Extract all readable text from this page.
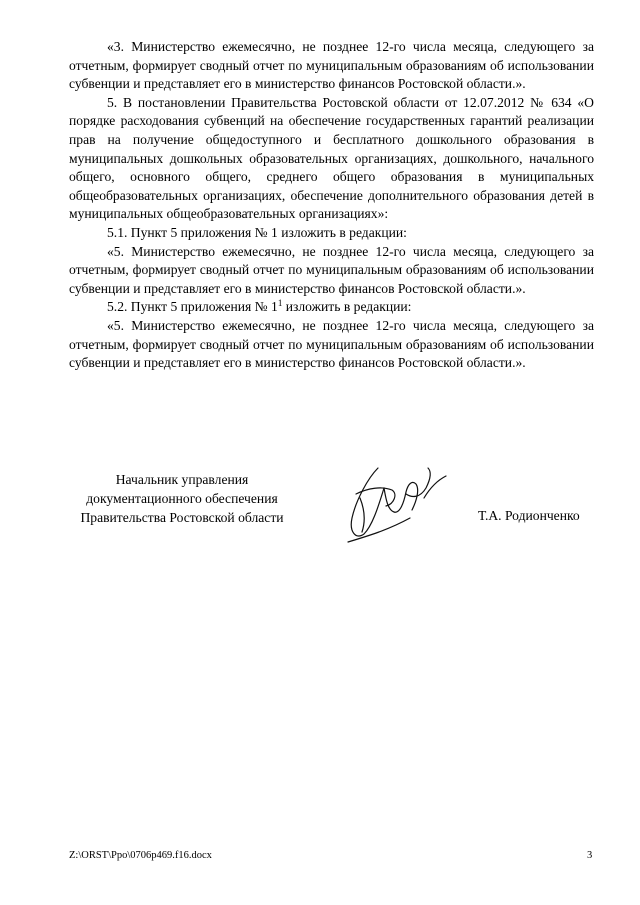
«3. Министерство ежемесячно, не позднее 12-го числа месяца, следующего за отчетным, формирует сводный отчет по муниципальным образованиям об использовании субвенции и представляет его в министерство финансов Ростовской области.».

5. В постановлении Правительства Ростовской области от 12.07.2012 № 634 «О порядке расходования субвенций на обеспечение государственных гарантий реализации прав на получение общедоступного и бесплатного дошкольного образования в муниципальных дошкольных образовательных организациях, дошкольного, начального общего, основного общего, среднего общего образования в муниципальных общеобразовательных организациях, обеспечение дополнительного образования детей в муниципальных общеобразовательных организациях»:

5.1. Пункт 5 приложения № 1 изложить в редакции:

«5. Министерство ежемесячно, не позднее 12-го числа месяца, следующего за отчетным, формирует сводный отчет по муниципальным образованиям об использовании субвенции и представляет его в министерство финансов Ростовской области.».

5.2. Пункт 5 приложения № $1^1$ изложить в редакции:

«5. Министерство ежемесячно, не позднее 12-го числа месяца, следующего за отчетным, формирует сводный отчет по муниципальным образованиям об использовании субвенции и представляет его в министерство финансов Ростовской области.».

Начальник управления
документационного обеспечения
Правительства Ростовской области	Т.А. Родионченко
Z:\ORST\Ppo\0706p469.f16.docx	3
